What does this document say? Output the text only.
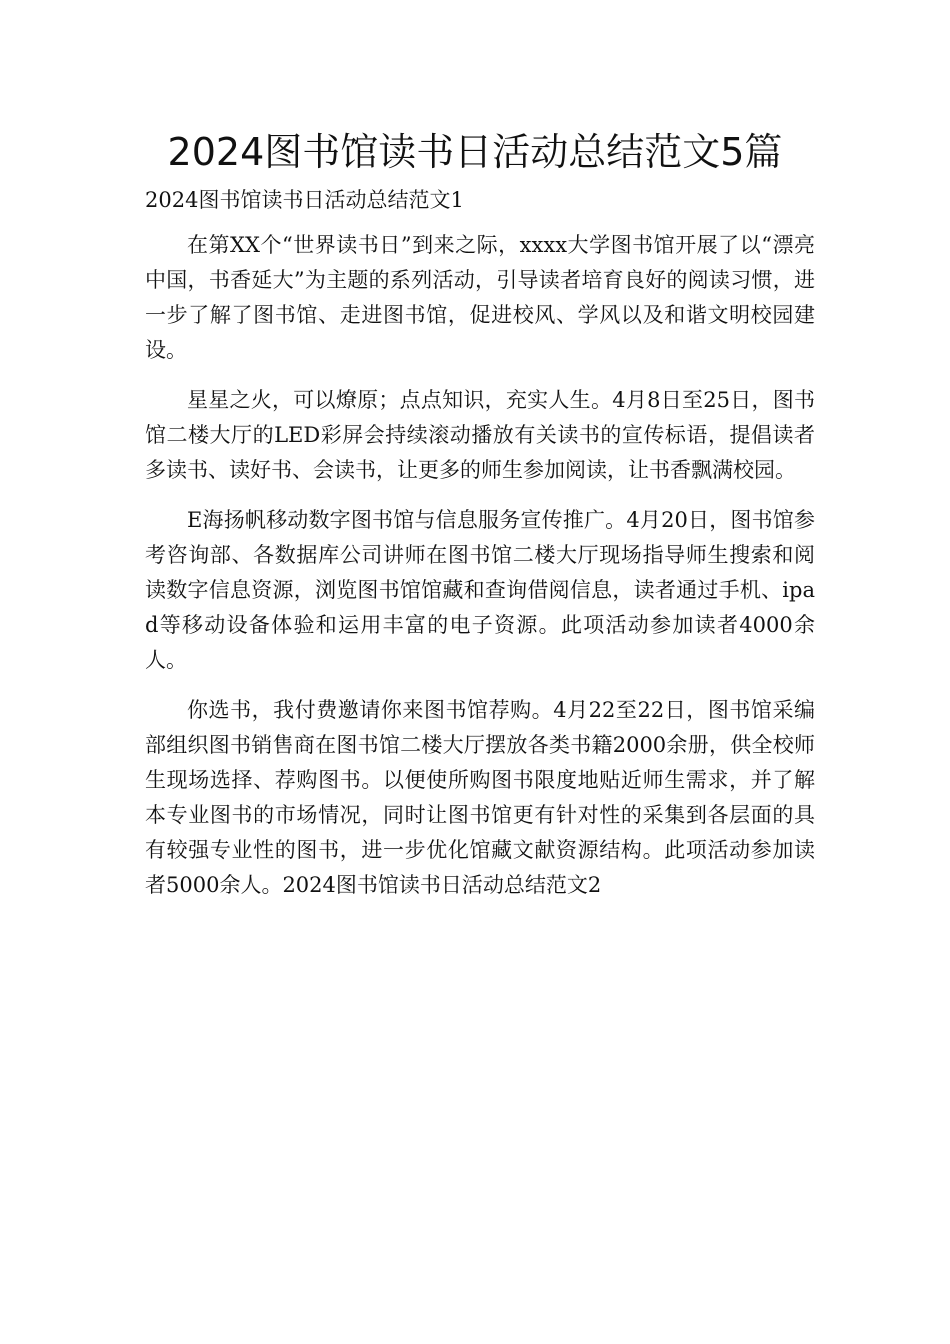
2024图书馆读书日活动总结范文5篇

2024图书馆读书日活动总结范文1

在第XX个“世界读书日”到来之际，xxxx大学图书馆开展了以“漂亮中国，书香延大”为主题的系列活动，引导读者培育良好的阅读习惯，进一步了解了图书馆、走进图书馆，促进校风、学风以及和谐文明校园建设。

星星之火，可以燎原；点点知识，充实人生。4月8日至25日，图书馆二楼大厅的LED彩屏会持续滚动播放有关读书的宣传标语，提倡读者多读书、读好书、会读书，让更多的师生参加阅读，让书香飘满校园。

E海扬帆移动数字图书馆与信息服务宣传推广。4月20日，图书馆参考咨询部、各数据库公司讲师在图书馆二楼大厅现场指导师生搜索和阅读数字信息资源，浏览图书馆馆藏和查询借阅信息，读者通过手机、ipad等移动设备体验和运用丰富的电子资源。此项活动参加读者4000余人。

你选书，我付费邀请你来图书馆荐购。4月22至22日，图书馆采编部组织图书销售商在图书馆二楼大厅摆放各类书籍2000余册，供全校师生现场选择、荐购图书。以便使所购图书限度地贴近师生需求，并了解本专业图书的市场情况，同时让图书馆更有针对性的采集到各层面的具有较强专业性的图书，进一步优化馆藏文献资源结构。此项活动参加读者5000余人。2024图书馆读书日活动总结范文2
